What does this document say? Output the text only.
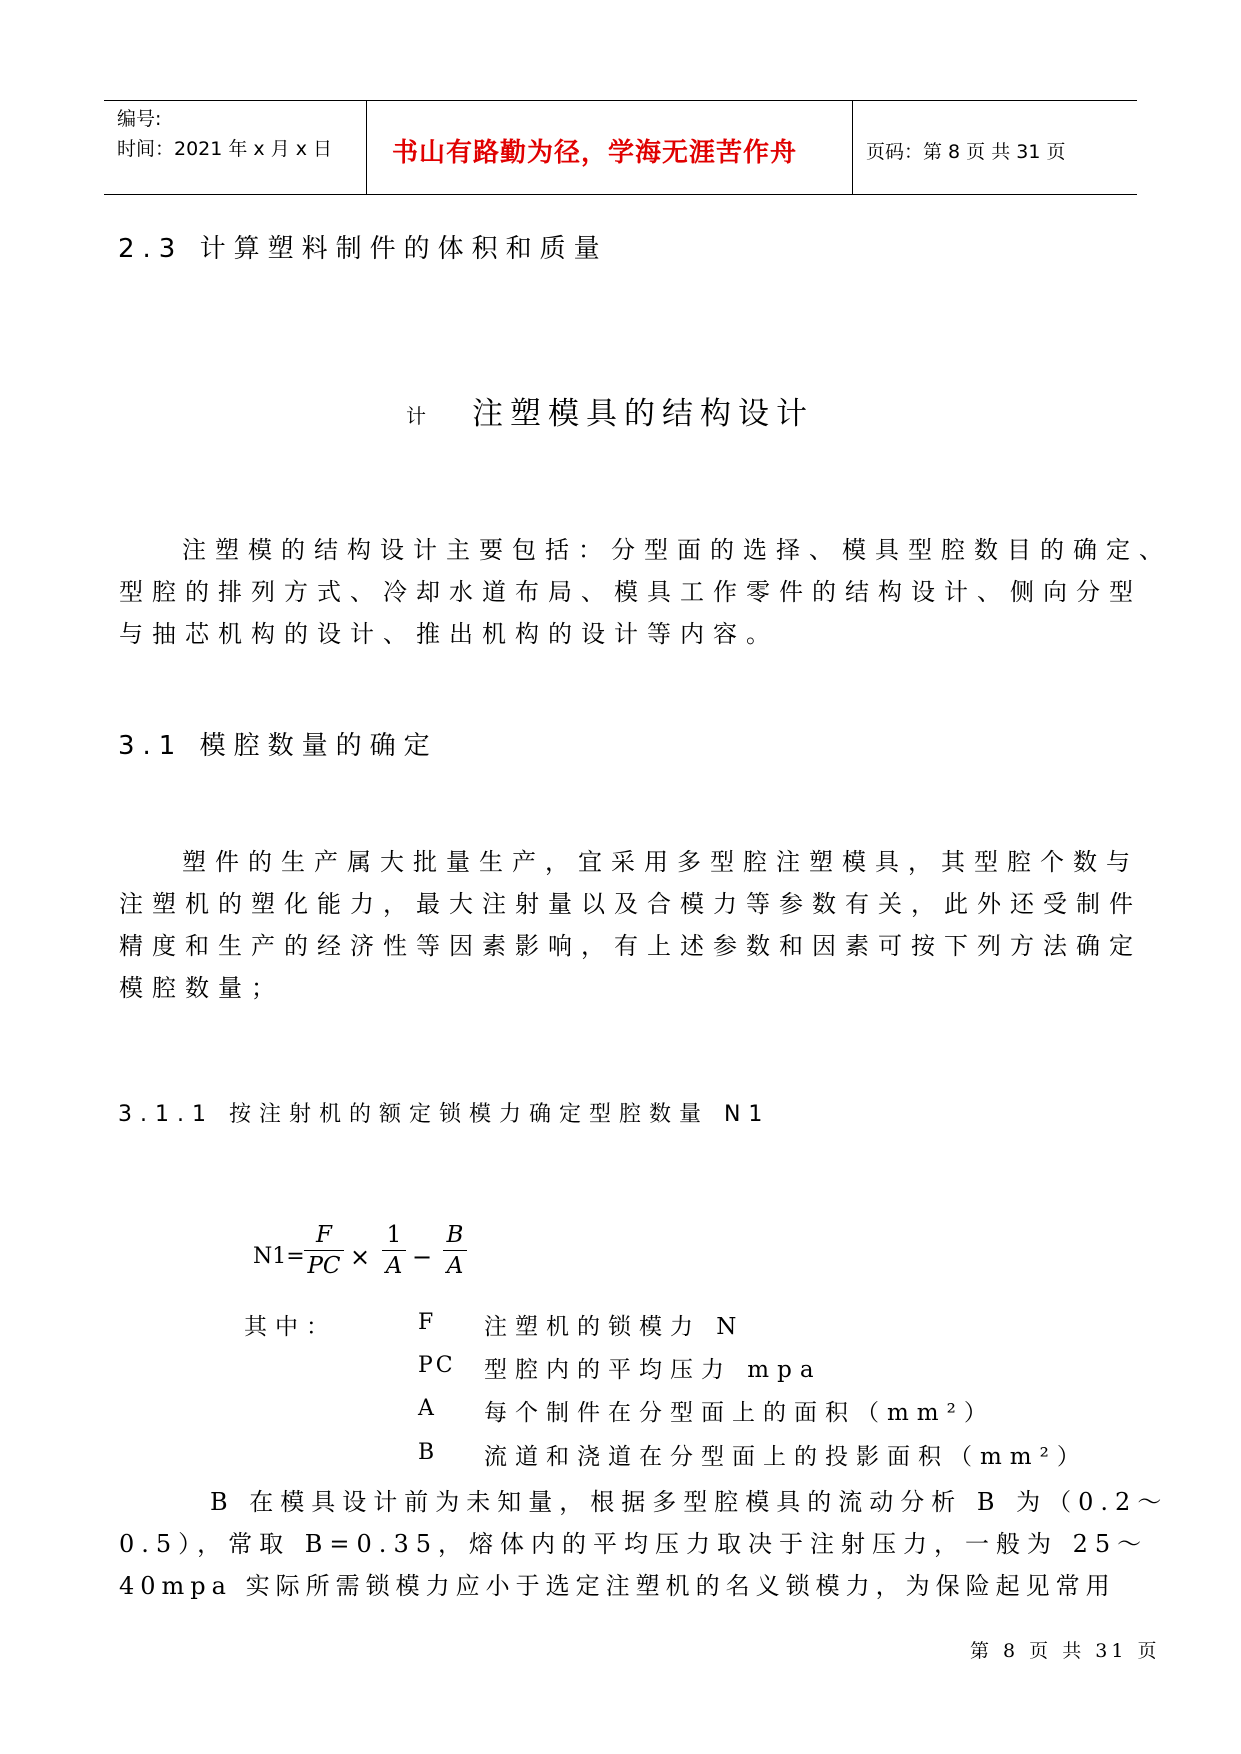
编号:
时间：2021 年 x 月 x 日 书山有路勤为径，学海无涯苦作舟	页码：第 8 页 共 31 页
2.3 计算塑料制件的体积和质量
计 注塑模具的结构设计
注塑模的结构设计主要包括：分型面的选择、模具型腔数目的确定、
型腔的排列方式、冷却水道布局、模具工作零件的结构设计、侧向分型
与抽芯机构的设计、推出机构的设计等内容。
3.1 模腔数量的确定
塑件的生产属大批量生产，宜采用多型腔注塑模具，其型腔个数与
注塑机的塑化能力，最大注射量以及合模力等参数有关，此外还受制件
精度和生产的经济性等因素影响，有上述参数和因素可按下列方法确定
模腔数量；
3.1.1 按注射机的额定锁模力确定型腔数量 N1
N1=
F
PC ×
1
A −
B
A
其中：	F 注塑机的锁模力 N
PC 型腔内的平均压力 mpa
A 每个制件在分型面上的面积（mm²）
B 流道和浇道在分型面上的投影面积（mm²）
B 在模具设计前为未知量，根据多型腔模具的流动分析 B 为（0.2～
0.5），常取 B=0.35，熔体内的平均压力取决于注射压力，一般为 25～
40mpa 实际所需锁模力应小于选定注塑机的名义锁模力，为保险起见常用
第 8 页 共 31 页
